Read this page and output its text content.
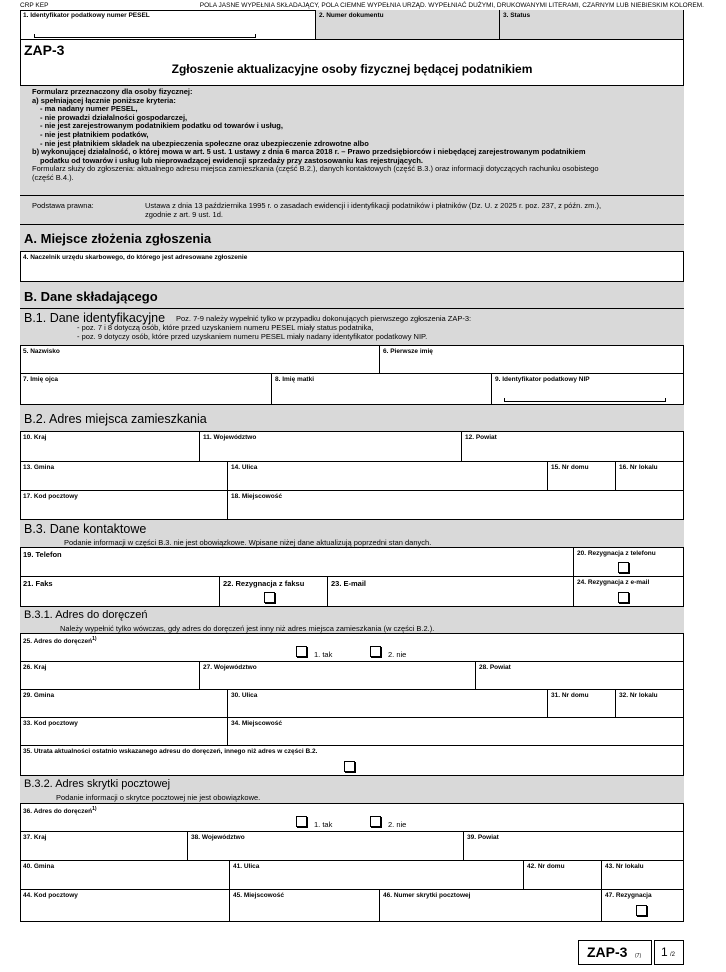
CRP KEP	POLA JASNE WYPEŁNIA SKŁADAJĄCY, POLA CIEMNE WYPEŁNIA URZĄD. WYPEŁNIAĆ DUŻYMI, DRUKOWANYMI LITERAMI, CZARNYM LUB NIEBIESKIM KOLOREM.
1. Identyfikator podatkowy numer PESEL	2. Numer dokumentu	3. Status
ZAP-3
Zgłoszenie aktualizacyjne osoby fizycznej będącej podatnikiem
Formularz przeznaczony dla osoby fizycznej:
a) spełniającej łącznie poniższe kryteria:
- ma nadany numer PESEL,
- nie prowadzi działalności gospodarczej,
- nie jest zarejestrowanym podatnikiem podatku od towarów i usług,
- nie jest płatnikiem podatków,
- nie jest płatnikiem składek na ubezpieczenia społeczne oraz ubezpieczenie zdrowotne albo
b) wykonującej działalność, o której mowa w art. 5 ust. 1 ustawy z dnia 6 marca 2018 r. – Prawo przedsiębiorców i niebędącej zarejestrowanym podatnikiem
podatku od towarów i usług lub nieprowadzącej ewidencji sprzedaży przy zastosowaniu kas rejestrujących.
Formularz służy do zgłoszenia: aktualnego adresu miejsca zamieszkania (część B.2.), danych kontaktowych (część B.3.) oraz informacji dotyczących rachunku osobistego
(część B.4.).
Podstawa prawna:	Ustawa z dnia 13 października 1995 r. o zasadach ewidencji i identyfikacji podatników i płatników (Dz. U. z 2025 r. poz. 237, z późn. zm.),
zgodnie z art. 9 ust. 1d.
A. Miejsce złożenia zgłoszenia
4. Naczelnik urzędu skarbowego, do którego jest adresowane zgłoszenie
B. Dane składającego
B.1. Dane identyfikacyjne Poz. 7-9 należy wypełnić tylko w przypadku dokonujących pierwszego zgłoszenia ZAP-3:
- poz. 7 i 8 dotyczą osób, które przed uzyskaniem numeru PESEL miały status podatnika,
- poz. 9 dotyczy osób, które przed uzyskaniem numeru PESEL miały nadany identyfikator podatkowy NIP.
5. Nazwisko	6. Pierwsze imię
7. Imię ojca	8. Imię matki	9. Identyfikator podatkowy NIP
B.2. Adres miejsca zamieszkania
10. Kraj	11. Województwo	12. Powiat
13. Gmina	14. Ulica	15. Nr domu	16. Nr lokalu
17. Kod pocztowy	18. Miejscowość
B.3. Dane kontaktowe
Podanie informacji w części B.3. nie jest obowiązkowe. Wpisane niżej dane aktualizują poprzedni stan danych.
19. Telefon	20. Rezygnacja z telefonu
21. Faks	22. Rezygnacja z faksu	23. E-mail	24. Rezygnacja z e-mail
B.3.1. Adres do doręczeń
Należy wypełnić tylko wówczas, gdy adres do doręczeń jest inny niż adres miejsca zamieszkania (w części B.2.).
25. Adres do doręczeń$^{1)}$
1. tak	2. nie
26. Kraj	27. Województwo	28. Powiat
29. Gmina	30. Ulica	31. Nr domu	32. Nr lokalu
33. Kod pocztowy	34. Miejscowość
35. Utrata aktualności ostatnio wskazanego adresu do doręczeń, innego niż adres w części B.2.
B.3.2. Adres skrytki pocztowej
Podanie informacji o skrytce pocztowej nie jest obowiązkowe.
36. Adres do doręczeń$^{1)}$
1. tak	2. nie
37. Kraj	38. Województwo	39. Powiat
40. Gmina	41. Ulica	42. Nr domu	43. Nr lokalu
44. Kod pocztowy	45. Miejscowość	46. Numer skrytki pocztowej	47. Rezygnacja
ZAP-3 (7) 1 /2
